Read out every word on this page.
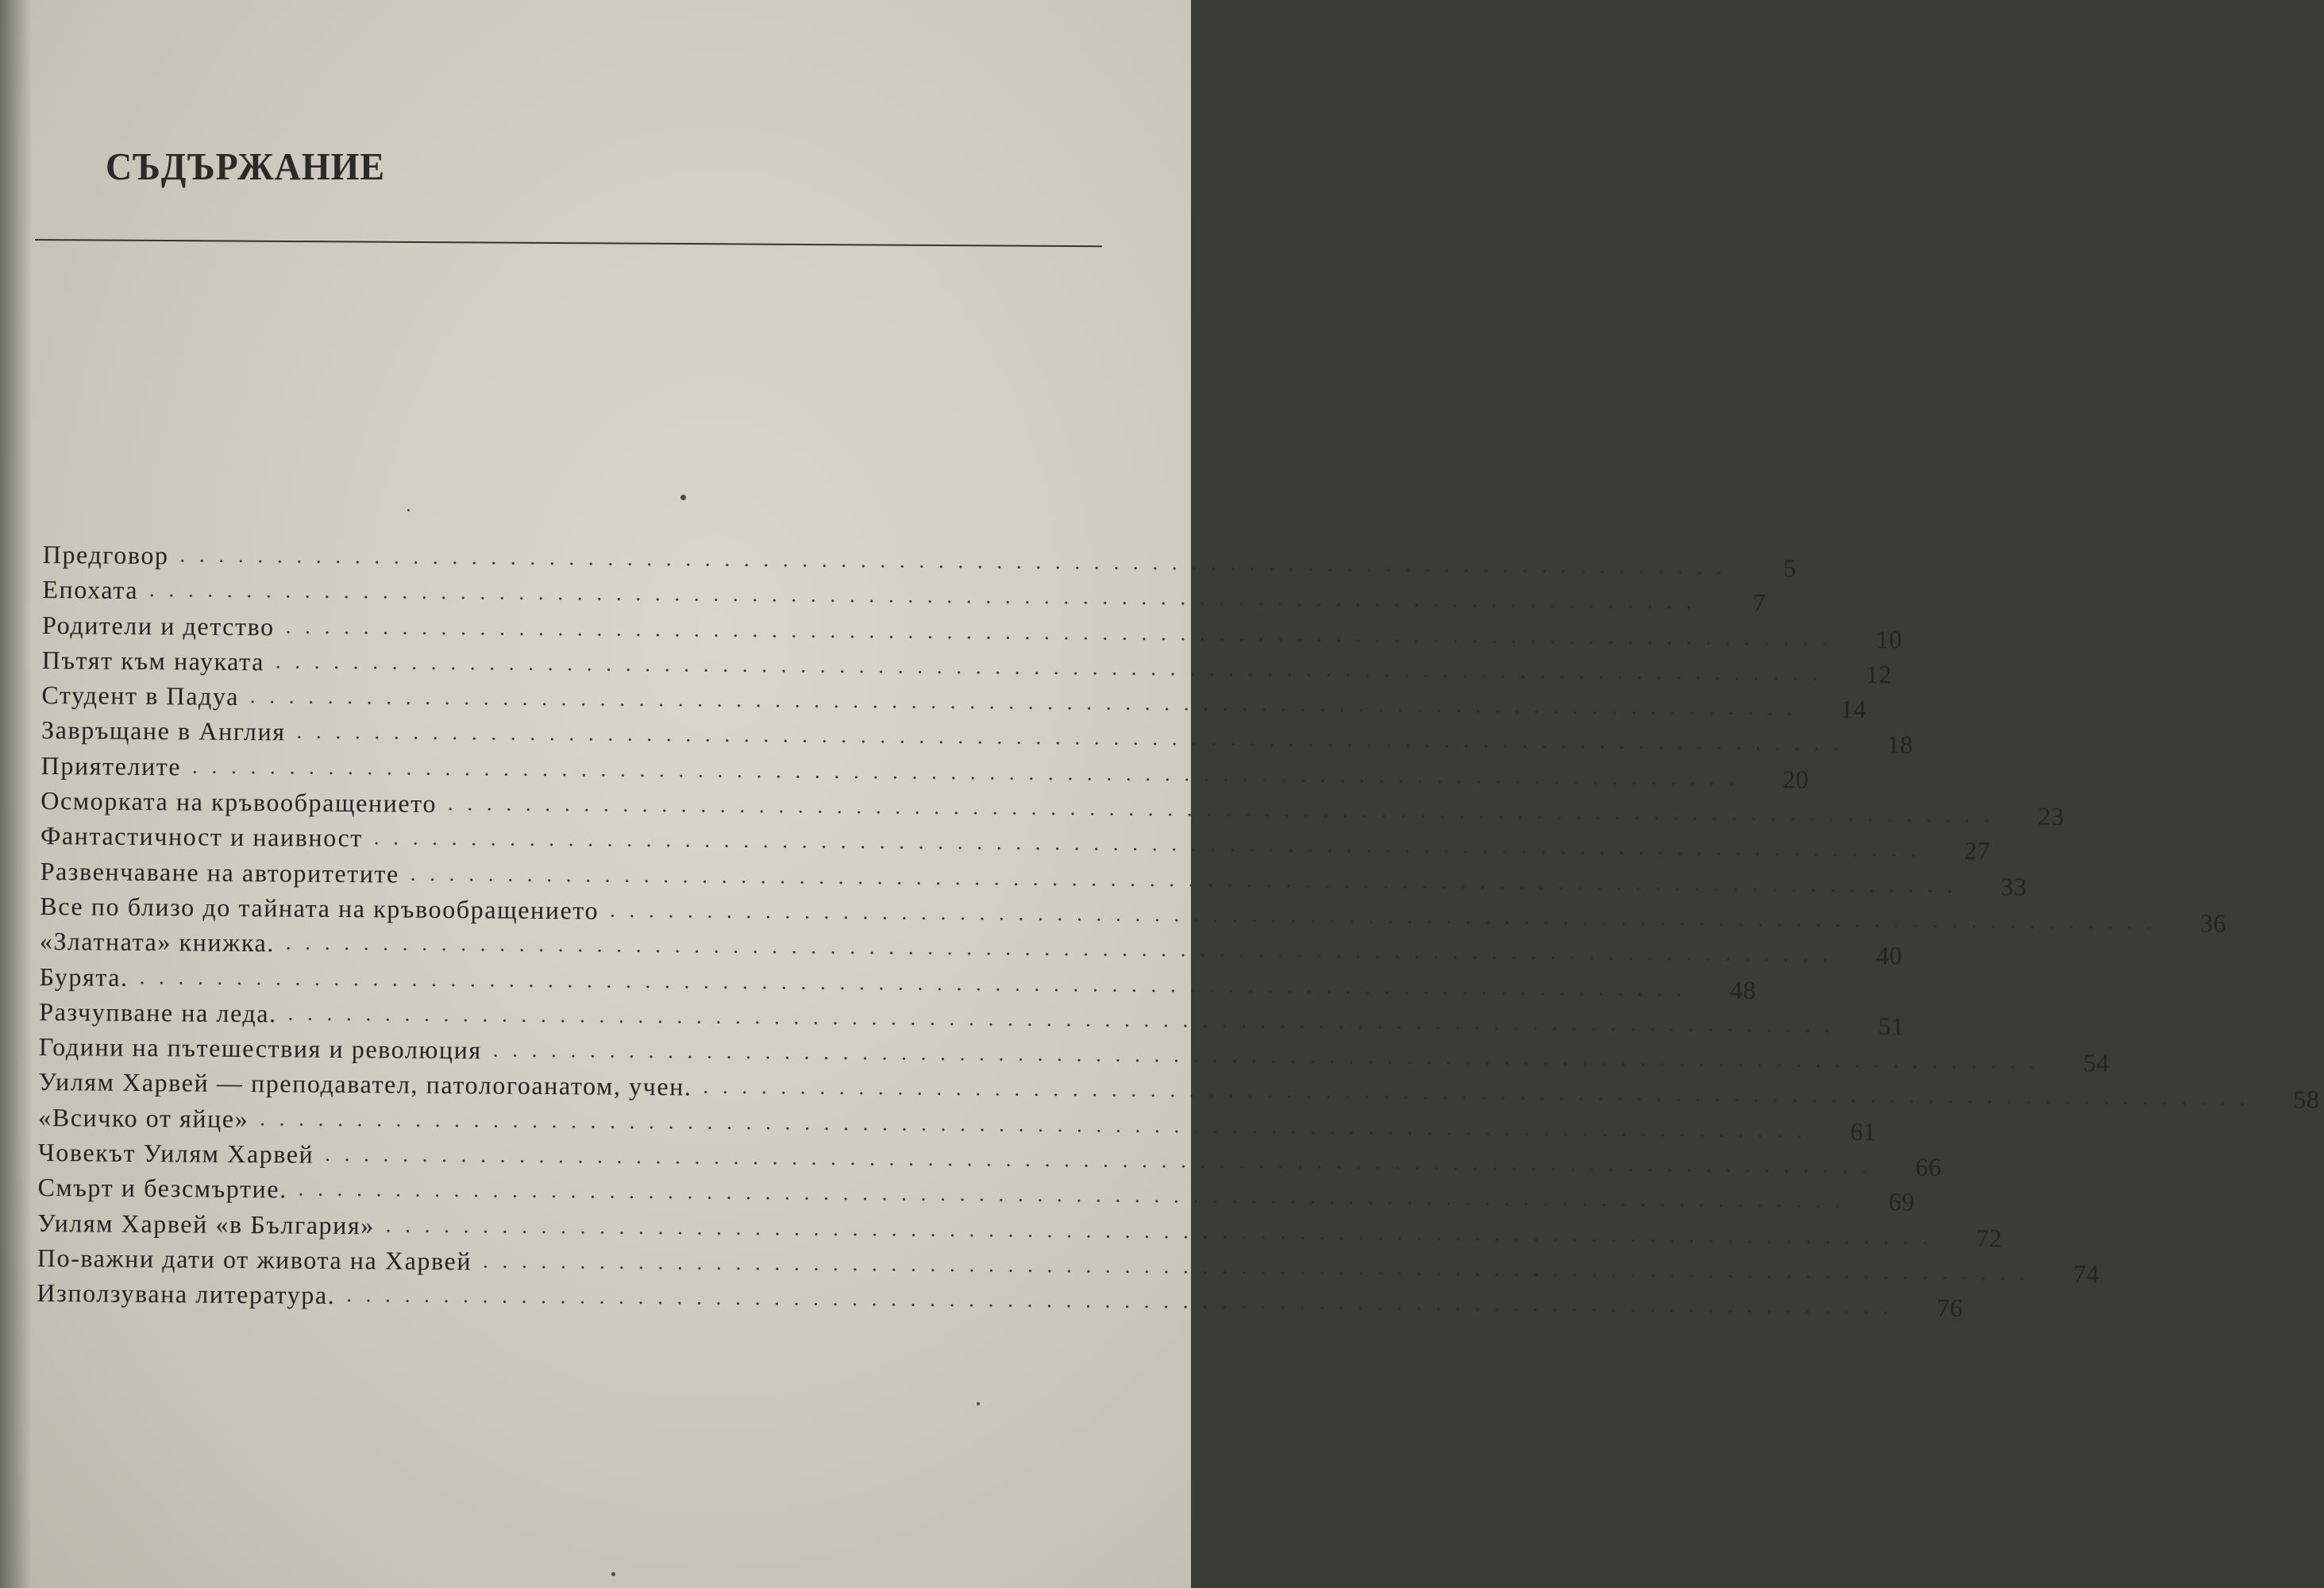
СЪДЪРЖАНИЕ
Предговор ................................................................................	5
Епохата ................................................................................	7
Родители и детство ................................................................................	10
Пътят към науката ................................................................................	12
Студент в Падуа ................................................................................	14
Завръщане в Англия ................................................................................	18
Приятелите ................................................................................	20
Осморката на кръвообращението ................................................................................	23
Фантастичност и наивност ................................................................................	27
Развенчаване на авторитетите ................................................................................	33
Все по близо до тайната на кръвообращението ................................................................................	36
«Златната» книжка. ................................................................................	40
Бурята. ................................................................................	48
Разчупване на леда. ................................................................................	51
Години на пътешествия и революция ................................................................................	54
Уилям Харвей — преподавател, патологоанатом, учен. ................................................................................	58
«Всичко от яйце» ................................................................................	61
Човекът Уилям Харвей ................................................................................	66
Смърт и безсмъртие. ................................................................................	69
Уилям Харвей «в България» ................................................................................	72
По-важни дати от живота на Харвей ................................................................................	74
Използувана литература. ................................................................................	76
